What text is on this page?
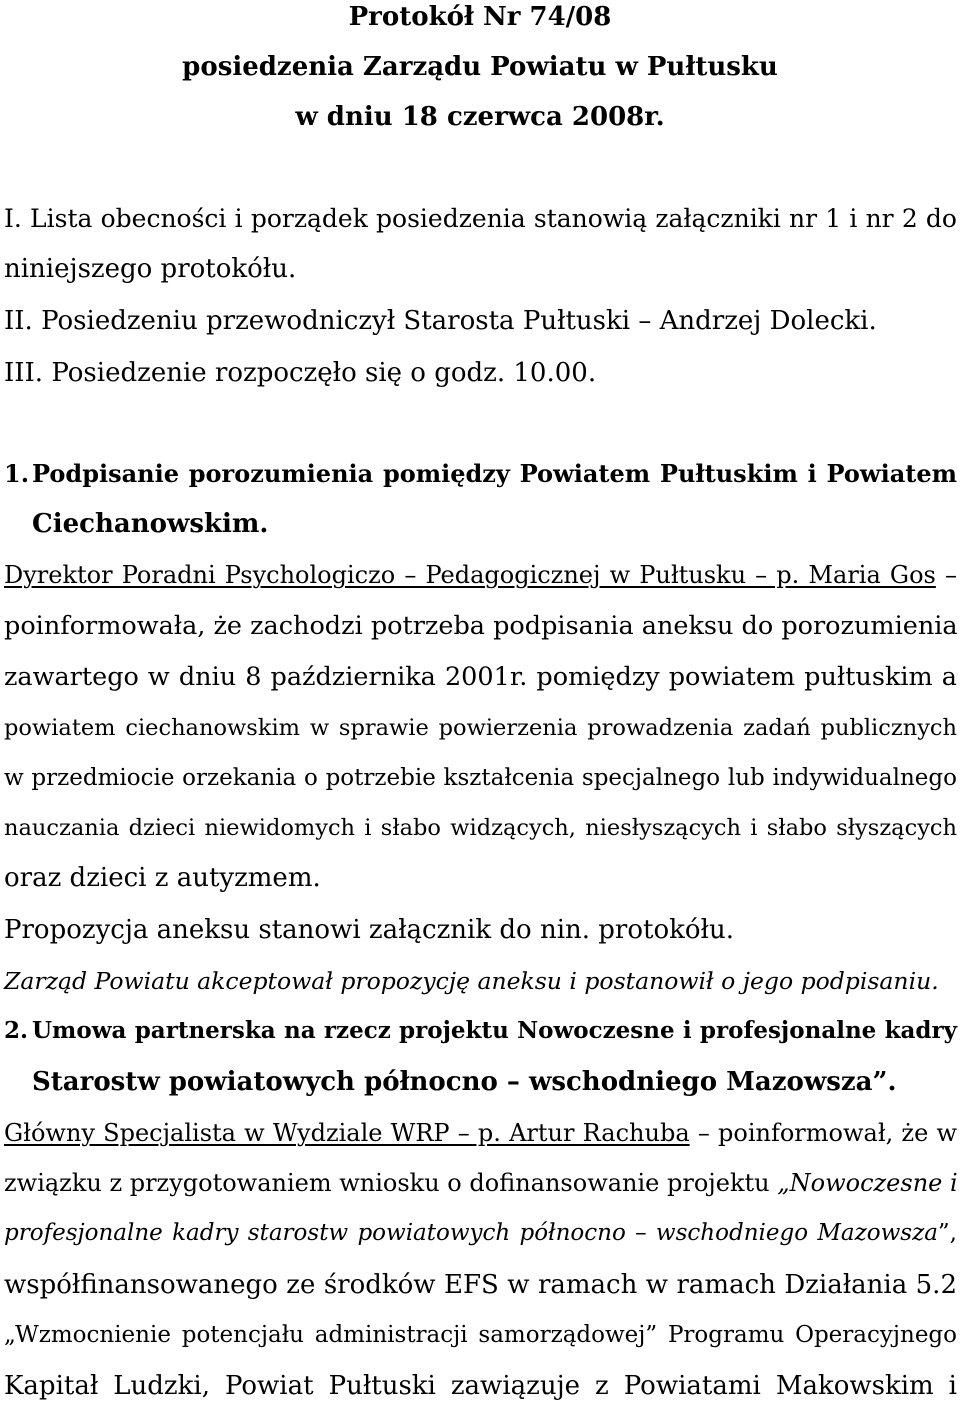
Protokół Nr 74/08
posiedzenia Zarządu Powiatu w Pułtusku
w dniu 18 czerwca 2008r.
I. Lista obecności i porządek posiedzenia stanowią załączniki nr 1 i nr 2 do
niniejszego protokółu.
II. Posiedzeniu przewodniczył Starosta Pułtuski – Andrzej Dolecki.
III. Posiedzenie rozpoczęło się o godz. 10.00.
1. Podpisanie porozumienia pomiędzy Powiatem Pułtuskim i Powiatem
Ciechanowskim.
Dyrektor Poradni Psychologiczo – Pedagogicznej w Pułtusku – p. Maria Gos –
poinformowała, że zachodzi potrzeba podpisania aneksu do porozumienia
zawartego w dniu 8 października 2001r. pomiędzy powiatem pułtuskim a
powiatem ciechanowskim w sprawie powierzenia prowadzenia zadań publicznych
w przedmiocie orzekania o potrzebie kształcenia specjalnego lub indywidualnego
nauczania dzieci niewidomych i słabo widzących, niesłyszących i słabo słyszących
oraz dzieci z autyzmem.
Propozycja aneksu stanowi załącznik do nin. protokółu.
Zarząd Powiatu akceptował propozycję aneksu i postanowił o jego podpisaniu.
2. Umowa partnerska na rzecz projektu Nowoczesne i profesjonalne kadry
Starostw powiatowych północno – wschodniego Mazowsza”.
Główny Specjalista w Wydziale WRP – p. Artur Rachuba – poinformował, że w
związku z przygotowaniem wniosku o dofinansowanie projektu „Nowoczesne i
profesjonalne kadry starostw powiatowych północno – wschodniego Mazowsza”,
współfinansowanego ze środków EFS w ramach w ramach Działania 5.2
„Wzmocnienie potencjału administracji samorządowej” Programu Operacyjnego
Kapitał Ludzki, Powiat Pułtuski zawiązuje z Powiatami Makowskim i
